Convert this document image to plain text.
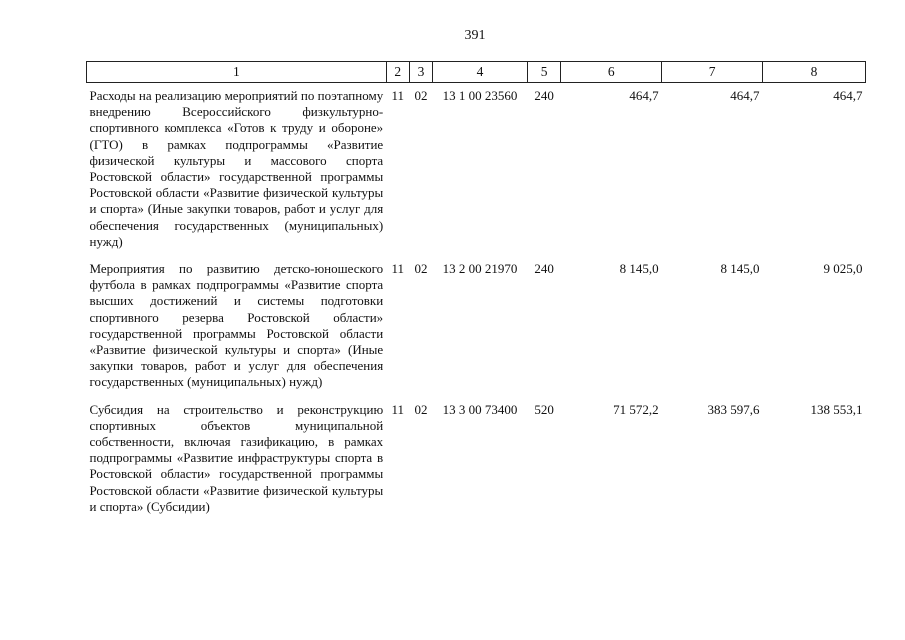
391
1	2	3	4	5	6	7	8
Расходы на реализацию мероприятий по поэтапному внедрению Всероссийского физкультурно-спортивного комплекса «Готов к труду и обороне» (ГТО) в рамках подпрограммы «Развитие физической культуры и массового спорта Ростовской области» государственной программы Ростовской области «Развитие физической культуры и спорта» (Иные закупки товаров, работ и услуг для обеспечения государственных (муниципальных) нужд)	11	02	13 1 00 23560	240	464,7	464,7	464,7
Мероприятия по развитию детско-юношеского футбола в рамках подпрограммы «Развитие спорта высших достижений и системы подготовки спортивного резерва Ростовской области» государственной программы Ростовской области «Развитие физической культуры и спорта» (Иные закупки товаров, работ и услуг для обеспечения государственных (муниципальных) нужд)	11	02	13 2 00 21970	240	8 145,0	8 145,0	9 025,0
Субсидия на строительство и реконструкцию спортивных объектов муниципальной собственности, включая газификацию, в рамках подпрограммы «Развитие инфраструктуры спорта в Ростовской области» государственной программы Ростовской области «Развитие физической культуры и спорта» (Субсидии)	11	02	13 3 00 73400	520	71 572,2	383 597,6	138 553,1
